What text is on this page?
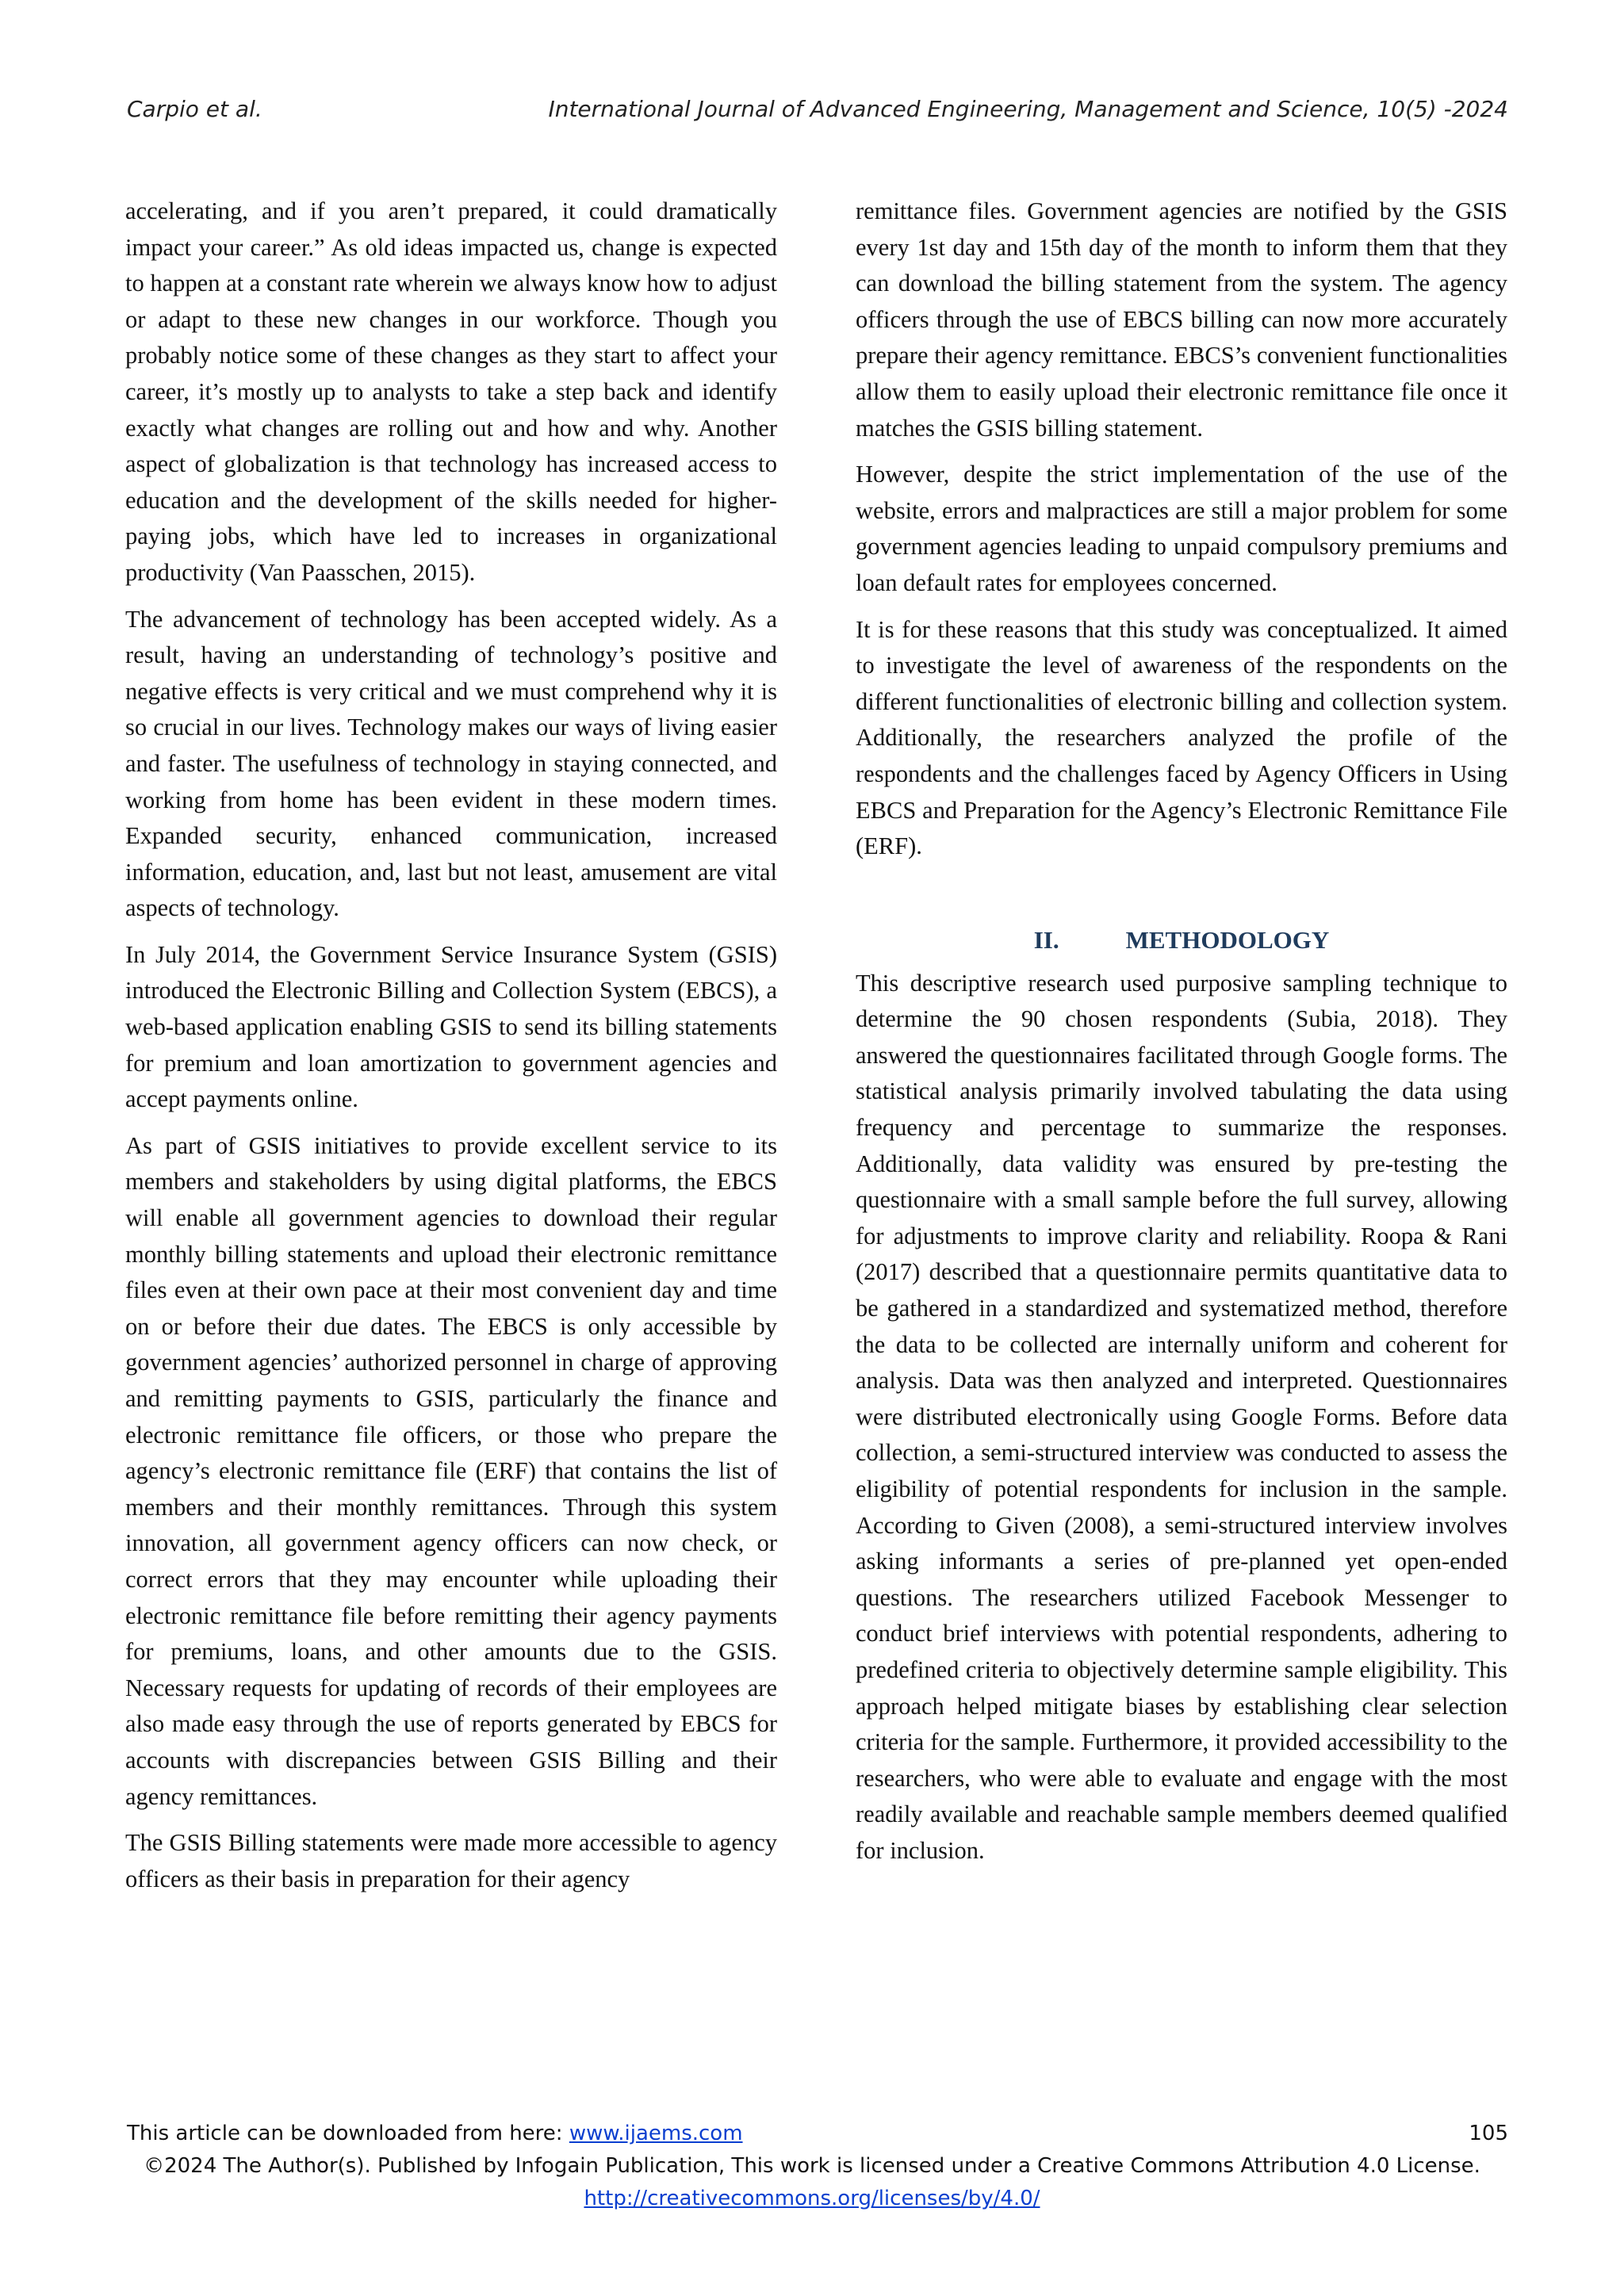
Carpio et al.	International Journal of Advanced Engineering, Management and Science, 10(5) -2024

accelerating, and if you aren’t prepared, it could dramatically impact your career.” As old ideas impacted us, change is expected to happen at a constant rate wherein we always know how to adjust or adapt to these new changes in our workforce. Though you probably notice some of these changes as they start to affect your career, it’s mostly up to analysts to take a step back and identify exactly what changes are rolling out and how and why. Another aspect of globalization is that technology has increased access to education and the development of the skills needed for higher-paying jobs, which have led to increases in organizational productivity (Van Paasschen, 2015).

The advancement of technology has been accepted widely. As a result, having an understanding of technology’s positive and negative effects is very critical and we must comprehend why it is so crucial in our lives. Technology makes our ways of living easier and faster. The usefulness of technology in staying connected, and working from home has been evident in these modern times. Expanded security, enhanced communication, increased information, education, and, last but not least, amusement are vital aspects of technology.

In July 2014, the Government Service Insurance System (GSIS) introduced the Electronic Billing and Collection System (EBCS), a web-based application enabling GSIS to send its billing statements for premium and loan amortization to government agencies and accept payments online.

As part of GSIS initiatives to provide excellent service to its members and stakeholders by using digital platforms, the EBCS will enable all government agencies to download their regular monthly billing statements and upload their electronic remittance files even at their own pace at their most convenient day and time on or before their due dates. The EBCS is only accessible by government agencies’ authorized personnel in charge of approving and remitting payments to GSIS, particularly the finance and electronic remittance file officers, or those who prepare the agency’s electronic remittance file (ERF) that contains the list of members and their monthly remittances. Through this system innovation, all government agency officers can now check, or correct errors that they may encounter while uploading their electronic remittance file before remitting their agency payments for premiums, loans, and other amounts due to the GSIS. Necessary requests for updating of records of their employees are also made easy through the use of reports generated by EBCS for accounts with discrepancies between GSIS Billing and their agency remittances.

The GSIS Billing statements were made more accessible to agency officers as their basis in preparation for their agency

remittance files. Government agencies are notified by the GSIS every 1st day and 15th day of the month to inform them that they can download the billing statement from the system. The agency officers through the use of EBCS billing can now more accurately prepare their agency remittance. EBCS’s convenient functionalities allow them to easily upload their electronic remittance file once it matches the GSIS billing statement.

However, despite the strict implementation of the use of the website, errors and malpractices are still a major problem for some government agencies leading to unpaid compulsory premiums and loan default rates for employees concerned.

It is for these reasons that this study was conceptualized. It aimed to investigate the level of awareness of the respondents on the different functionalities of electronic billing and collection system. Additionally, the researchers analyzed the profile of the respondents and the challenges faced by Agency Officers in Using EBCS and Preparation for the Agency’s Electronic Remittance File (ERF).

II.	METHODOLOGY

This descriptive research used purposive sampling technique to determine the 90 chosen respondents (Subia, 2018). They answered the questionnaires facilitated through Google forms. The statistical analysis primarily involved tabulating the data using frequency and percentage to summarize the responses. Additionally, data validity was ensured by pre-testing the questionnaire with a small sample before the full survey, allowing for adjustments to improve clarity and reliability. Roopa & Rani (2017) described that a questionnaire permits quantitative data to be gathered in a standardized and systematized method, therefore the data to be collected are internally uniform and coherent for analysis. Data was then analyzed and interpreted. Questionnaires were distributed electronically using Google Forms. Before data collection, a semi-structured interview was conducted to assess the eligibility of potential respondents for inclusion in the sample. According to Given (2008), a semi-structured interview involves asking informants a series of pre-planned yet open-ended questions. The researchers utilized Facebook Messenger to conduct brief interviews with potential respondents, adhering to predefined criteria to objectively determine sample eligibility. This approach helped mitigate biases by establishing clear selection criteria for the sample. Furthermore, it provided accessibility to the researchers, who were able to evaluate and engage with the most readily available and reachable sample members deemed qualified for inclusion.

This article can be downloaded from here: www.ijaems.com	105
©2024 The Author(s). Published by Infogain Publication, This work is licensed under a Creative Commons Attribution 4.0 License.
http://creativecommons.org/licenses/by/4.0/
